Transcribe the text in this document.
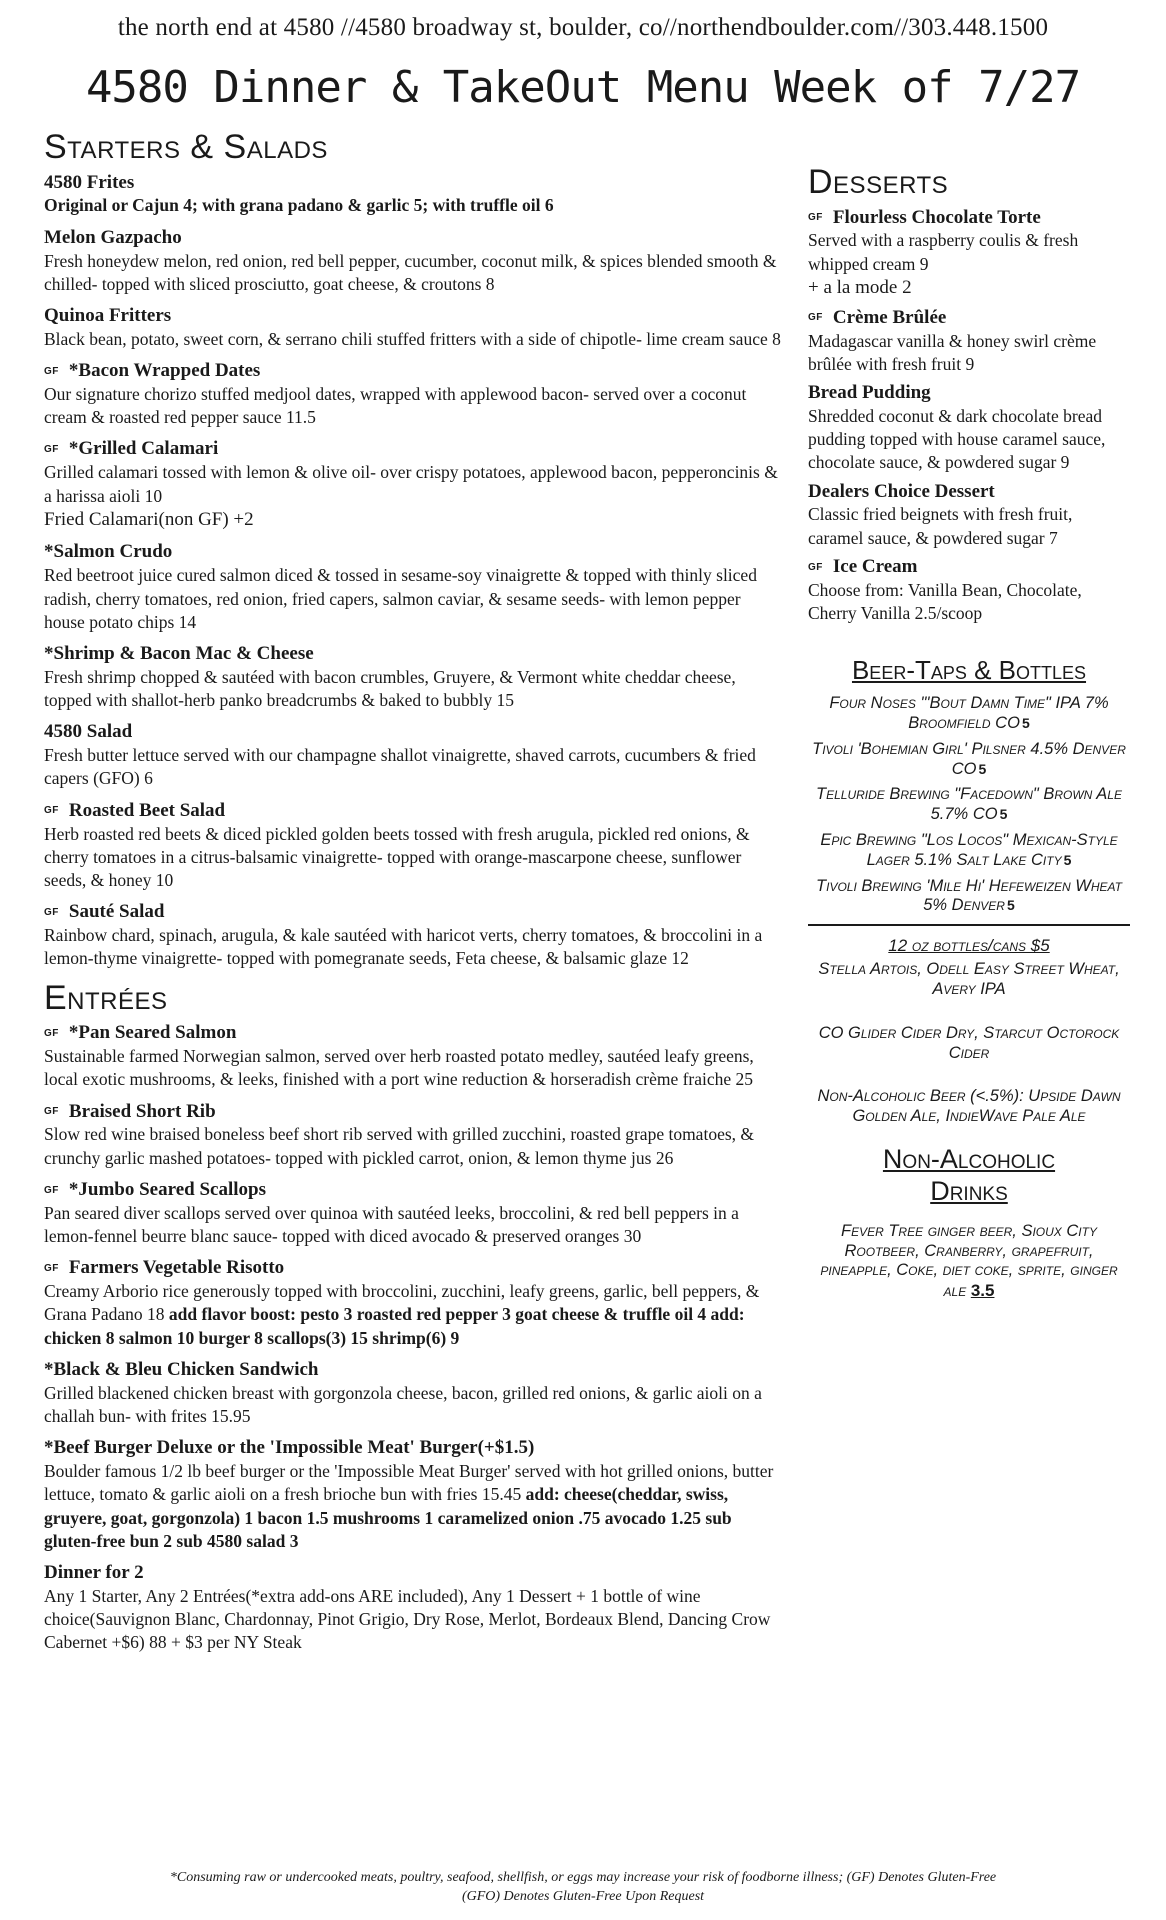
the north end at 4580 //4580 broadway st, boulder, co//northendboulder.com//303.448.1500
4580 Dinner & TakeOut Menu Week of 7/27
Starters & Salads
4580 Frites
Original or Cajun 4; with grana padano & garlic 5; with truffle oil 6
Melon Gazpacho
Fresh honeydew melon, red onion, red bell pepper, cucumber, coconut milk, & spices blended smooth & chilled- topped with sliced prosciutto, goat cheese, & croutons 8
Quinoa Fritters
Black bean, potato, sweet corn, & serrano chili stuffed fritters with a side of chipotle- lime cream sauce 8
GF *Bacon Wrapped Dates
Our signature chorizo stuffed medjool dates, wrapped with applewood bacon- served over a coconut cream & roasted red pepper sauce 11.5
GF *Grilled Calamari
Grilled calamari tossed with lemon & olive oil- over crispy potatoes, applewood bacon, pepperoncinis & a harissa aioli 10
Fried Calamari(non GF) +2
*Salmon Crudo
Red beetroot juice cured salmon diced & tossed in sesame-soy vinaigrette & topped with thinly sliced radish, cherry tomatoes, red onion, fried capers, salmon caviar, & sesame seeds- with lemon pepper house potato chips 14
*Shrimp & Bacon Mac & Cheese
Fresh shrimp chopped & sautéed with bacon crumbles, Gruyere, & Vermont white cheddar cheese, topped with shallot-herb panko breadcrumbs & baked to bubbly 15
4580 Salad
Fresh butter lettuce served with our champagne shallot vinaigrette, shaved carrots, cucumbers & fried capers (GFO) 6
GF Roasted Beet Salad
Herb roasted red beets & diced pickled golden beets tossed with fresh arugula, pickled red onions, & cherry tomatoes in a citrus-balsamic vinaigrette- topped with orange-mascarpone cheese, sunflower seeds, & honey 10
GF Sauté Salad
Rainbow chard, spinach, arugula, & kale sautéed with haricot verts, cherry tomatoes, & broccolini in a lemon-thyme vinaigrette- topped with pomegranate seeds, Feta cheese, & balsamic glaze 12
Entrées
GF *Pan Seared Salmon
Sustainable farmed Norwegian salmon, served over herb roasted potato medley, sautéed leafy greens, local exotic mushrooms, & leeks, finished with a port wine reduction & horseradish crème fraiche 25
GF Braised Short Rib
Slow red wine braised boneless beef short rib served with grilled zucchini, roasted grape tomatoes, & crunchy garlic mashed potatoes- topped with pickled carrot, onion, & lemon thyme jus 26
GF *Jumbo Seared Scallops
Pan seared diver scallops served over quinoa with sautéed leeks, broccolini, & red bell peppers in a lemon-fennel beurre blanc sauce- topped with diced avocado & preserved oranges 30
GF Farmers Vegetable Risotto
Creamy Arborio rice generously topped with broccolini, zucchini, leafy greens, garlic, bell peppers, & Grana Padano 18 add flavor boost: pesto 3 roasted red pepper 3 goat cheese & truffle oil 4 add: chicken 8 salmon 10 burger 8 scallops(3) 15 shrimp(6) 9
*Black & Bleu Chicken Sandwich
Grilled blackened chicken breast with gorgonzola cheese, bacon, grilled red onions, & garlic aioli on a challah bun- with frites 15.95
*Beef Burger Deluxe or the 'Impossible Meat' Burger(+$1.5)
Boulder famous 1/2 lb beef burger or the 'Impossible Meat Burger' served with hot grilled onions, butter lettuce, tomato & garlic aioli on a fresh brioche bun with fries 15.45 add: cheese(cheddar, swiss, gruyere, goat, gorgonzola) 1 bacon 1.5 mushrooms 1 caramelized onion .75 avocado 1.25 sub gluten-free bun 2 sub 4580 salad 3
Dinner for 2
Any 1 Starter, Any 2 Entrées(*extra add-ons ARE included), Any 1 Dessert + 1 bottle of wine choice(Sauvignon Blanc, Chardonnay, Pinot Grigio, Dry Rose, Merlot, Bordeaux Blend, Dancing Crow Cabernet +$6) 88 + $3 per NY Steak
Desserts
GF Flourless Chocolate Torte
Served with a raspberry coulis & fresh whipped cream 9
+ a la mode 2
GF Crème Brûlée
Madagascar vanilla & honey swirl crème brûlée with fresh fruit 9
Bread Pudding
Shredded coconut & dark chocolate bread pudding topped with house caramel sauce, chocolate sauce, & powdered sugar 9
Dealers Choice Dessert
Classic fried beignets with fresh fruit, caramel sauce, & powdered sugar 7
GF Ice Cream
Choose from: Vanilla Bean, Chocolate, Cherry Vanilla 2.5/scoop
Beer-Taps & Bottles
Four Noses "'Bout Damn Time" IPA 7% Broomfield CO 5
Tivoli 'Bohemian Girl' Pilsner 4.5% Denver CO 5
Telluride Brewing "Facedown" Brown Ale 5.7% CO 5
Epic Brewing "Los Locos" Mexican-Style Lager 5.1% Salt Lake City 5
Tivoli Brewing 'Mile Hi' Hefeweizen Wheat 5% Denver 5
12 oz bottles/cans $5
Stella Artois, Odell Easy Street Wheat, Avery IPA
CO Glider Cider Dry, Starcut Octorock Cider
Non-Alcoholic Beer (<.5%): Upside Dawn Golden Ale, IndieWave Pale Ale
Non-Alcoholic Drinks
Fever Tree ginger beer, Sioux City Rootbeer, Cranberry, grapefruit, pineapple, Coke, diet coke, sprite, ginger ale 3.5
*Consuming raw or undercooked meats, poultry, seafood, shellfish, or eggs may increase your risk of foodborne illness; (GF) Denotes Gluten-Free
(GFO) Denotes Gluten-Free Upon Request
